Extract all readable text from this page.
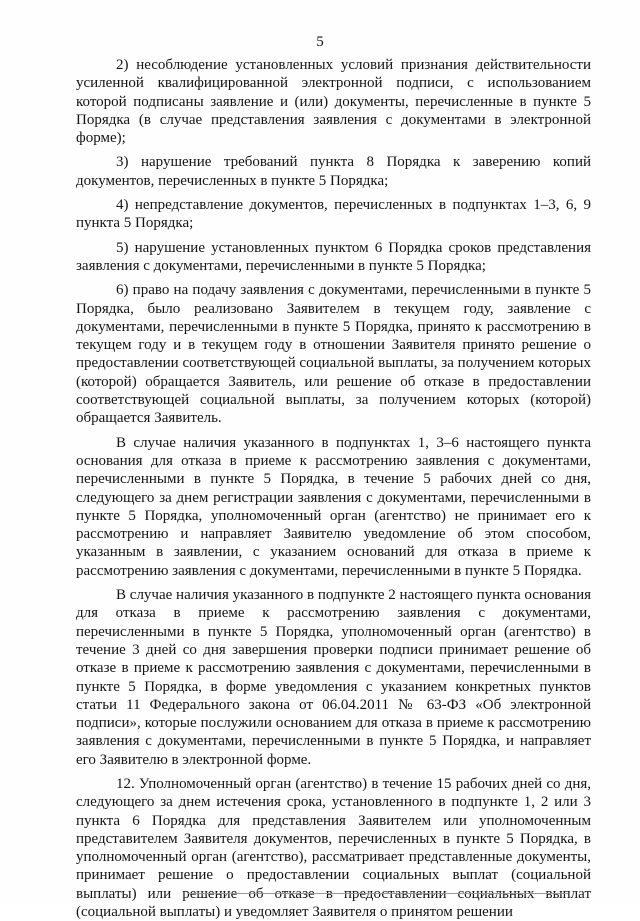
5

2) несоблюдение установленных условий признания действительности усиленной квалифицированной электронной подписи, с использованием которой подписаны заявление и (или) документы, перечисленные в пункте 5 Порядка (в случае представления заявления с документами в электронной форме);

3) нарушение требований пункта 8 Порядка к заверению копий документов, перечисленных в пункте 5 Порядка;

4) непредставление документов, перечисленных в подпунктах 1–3, 6, 9 пункта 5 Порядка;

5) нарушение установленных пунктом 6 Порядка сроков представления заявления с документами, перечисленными в пункте 5 Порядка;

6) право на подачу заявления с документами, перечисленными в пункте 5 Порядка, было реализовано Заявителем в текущем году, заявление с документами, перечисленными в пункте 5 Порядка, принято к рассмотрению в текущем году и в текущем году в отношении Заявителя принято решение о предоставлении соответствующей социальной выплаты, за получением которых (которой) обращается Заявитель, или решение об отказе в предоставлении соответствующей социальной выплаты, за получением которых (которой) обращается Заявитель.

В случае наличия указанного в подпунктах 1, 3–6 настоящего пункта основания для отказа в приеме к рассмотрению заявления с документами, перечисленными в пункте 5 Порядка, в течение 5 рабочих дней со дня, следующего за днем регистрации заявления с документами, перечисленными в пункте 5 Порядка, уполномоченный орган (агентство) не принимает его к рассмотрению и направляет Заявителю уведомление об этом способом, указанным в заявлении, с указанием оснований для отказа в приеме к рассмотрению заявления с документами, перечисленными в пункте 5 Порядка.

В случае наличия указанного в подпункте 2 настоящего пункта основания для отказа в приеме к рассмотрению заявления с документами, перечисленными в пункте 5 Порядка, уполномоченный орган (агентство) в течение 3 дней со дня завершения проверки подписи принимает решение об отказе в приеме к рассмотрению заявления с документами, перечисленными в пункте 5 Порядка, в форме уведомления с указанием конкретных пунктов статьи 11 Федерального закона от 06.04.2011 № 63-ФЗ «Об электронной подписи», которые послужили основанием для отказа в приеме к рассмотрению заявления с документами, перечисленными в пункте 5 Порядка, и направляет его Заявителю в электронной форме.

12. Уполномоченный орган (агентство) в течение 15 рабочих дней со дня, следующего за днем истечения срока, установленного в подпункте 1, 2 или 3 пункта 6 Порядка для представления Заявителем или уполномоченным представителем Заявителя документов, перечисленных в пункте 5 Порядка, в уполномоченный орган (агентство), рассматривает представленные документы, принимает решение о предоставлении социальных выплат (социальной выплаты) или решение об отказе в предоставлении социальных выплат (социальной выплаты) и уведомляет Заявителя о принятом решении
